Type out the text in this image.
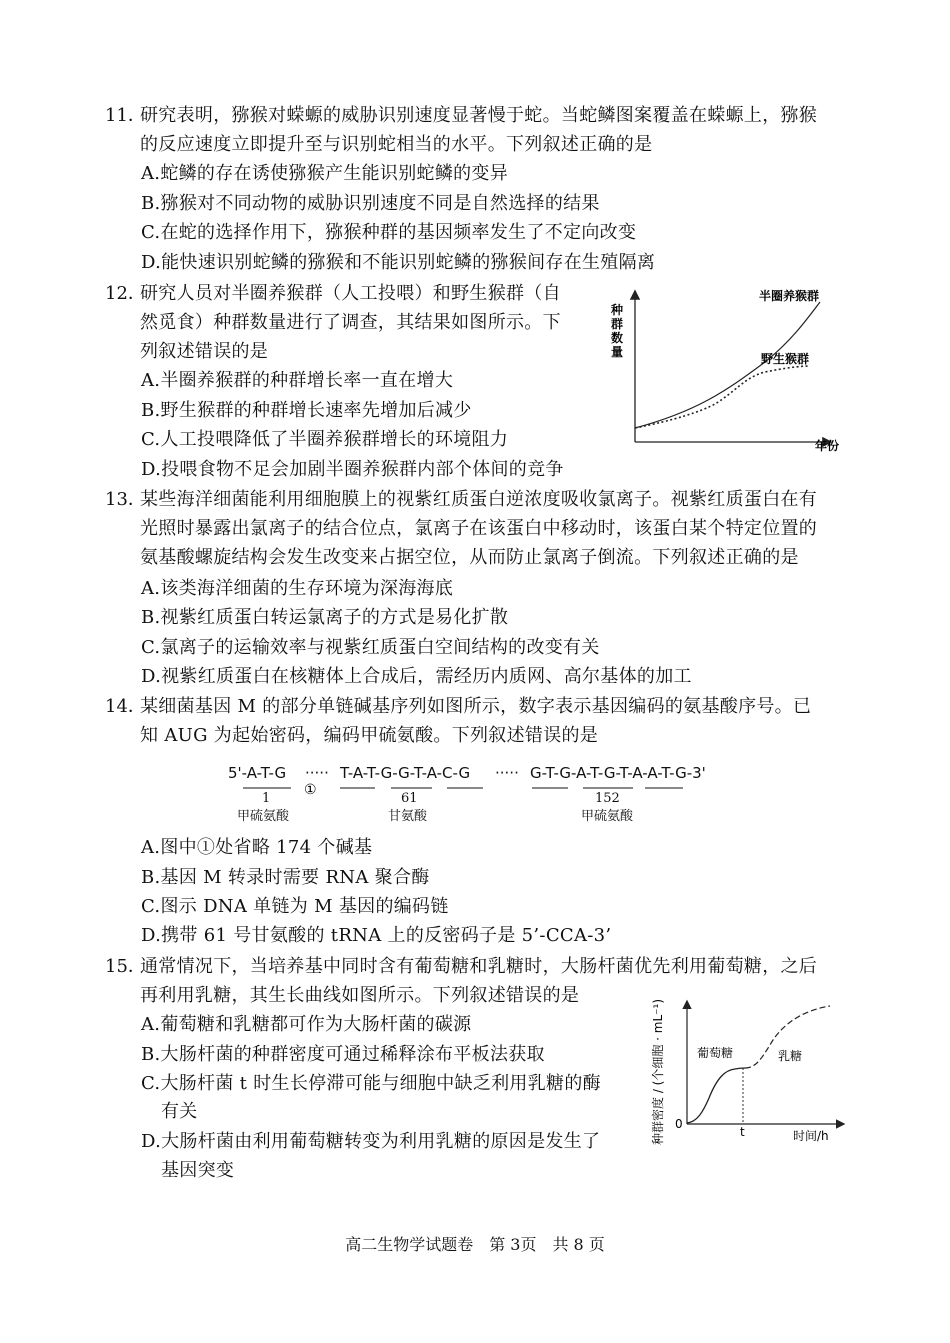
11．
研究表明，猕猴对蝾螈的威胁识别速度显著慢于蛇。当蛇鳞图案覆盖在蝾螈上，猕猴
的反应速度立即提升至与识别蛇相当的水平。下列叙述正确的是
A.蛇鳞的存在诱使猕猴产生能识别蛇鳞的变异
B.猕猴对不同动物的威胁识别速度不同是自然选择的结果
C.在蛇的选择作用下，猕猴种群的基因频率发生了不定向改变
D.能快速识别蛇鳞的猕猴和不能识别蛇鳞的猕猴间存在生殖隔离
12．
研究人员对半圈养猴群（人工投喂）和野生猴群（自
然觅食）种群数量进行了调查，其结果如图所示。下
列叙述错误的是
A.半圈养猴群的种群增长率一直在增大
B.野生猴群的种群增长速率先增加后减少
C.人工投喂降低了半圈养猴群增长的环境阻力
D.投喂食物不足会加剧半圈养猴群内部个体间的竞争
种 群 数 量
年份
半圈养猴群
野生猴群
13．
某些海洋细菌能利用细胞膜上的视紫红质蛋白逆浓度吸收氯离子。视紫红质蛋白在有
光照时暴露出氯离子的结合位点，氯离子在该蛋白中移动时，该蛋白某个特定位置的
氨基酸螺旋结构会发生改变来占据空位，从而防止氯离子倒流。下列叙述正确的是
A.该类海洋细菌的生存环境为深海海底
B.视紫红质蛋白转运氯离子的方式是易化扩散
C.氯离子的运输效率与视紫红质蛋白空间结构的改变有关
D.视紫红质蛋白在核糖体上合成后，需经历内质网、高尔基体的加工
14．
某细菌基因 M 的部分单链碱基序列如图所示，数字表示基因编码的氨基酸序号。已
知 AUG 为起始密码，编码甲硫氨酸。下列叙述错误的是
5'-A-T-G ····· T-A-T-G-G-T-A-C-G ····· G-T-G-A-T-G-T-A-A-T-G-3'
①
1
甲硫氨酸
61
甘氨酸
152
甲硫氨酸
A.图中①处省略 174 个碱基
B.基因 M 转录时需要 RNA 聚合酶
C.图示 DNA 单链为 M 基因的编码链
D.携带 61 号甘氨酸的 tRNA 上的反密码子是 5’-CCA-3’
15．
通常情况下，当培养基中同时含有葡萄糖和乳糖时，大肠杆菌优先利用葡萄糖，之后
再利用乳糖，其生长曲线如图所示。下列叙述错误的是
A.葡萄糖和乳糖都可作为大肠杆菌的碳源
B.大肠杆菌的种群密度可通过稀释涂布平板法获取
C.大肠杆菌 t 时生长停滞可能与细胞中缺乏利用乳糖的酶
有关
D.大肠杆菌由利用葡萄糖转变为利用乳糖的原因是发生了
基因突变
种群密度 / (个细胞 · mL⁻¹) 0
t	时间/h
葡萄糖	乳糖
高二生物学试题卷　第 3页　共 8 页
